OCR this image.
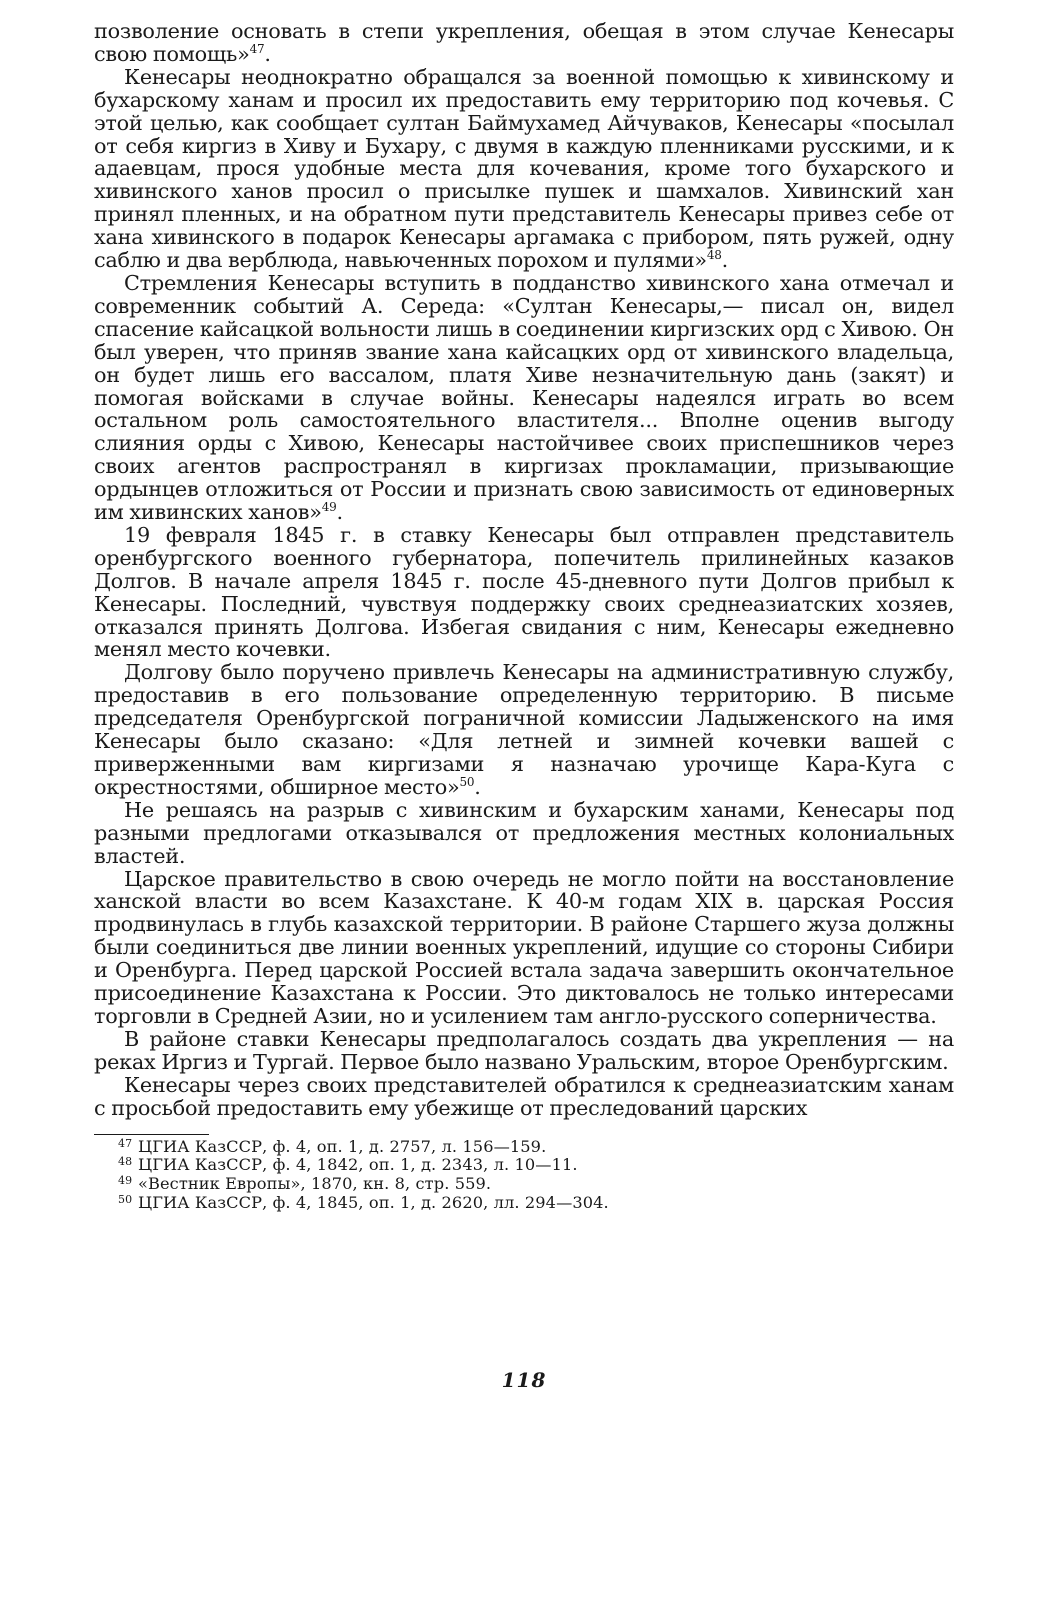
позволение основать в степи укрепления, обещая в этом случае Кенесары свою помощь»$^{47}$.

Кенесары неоднократно обращался за военной помощью к хивинскому и бухарскому ханам и просил их предоставить ему территорию под кочевья. С этой целью, как сообщает султан Баймухамед Айчуваков, Кенесары «посылал от себя киргиз в Хиву и Бухару, с двумя в каждую пленниками русскими, и к адаевцам, прося удобные места для кочевания, кроме того бухарского и хивинского ханов просил о присылке пушек и шамхалов. Хивинский хан принял пленных, и на обратном пути представитель Кенесары привез себе от хана хивинского в подарок Кенесары аргамака с прибором, пять ружей, одну саблю и два верблюда, навьюченных порохом и пулями»$^{48}$.

Стремления Кенесары вступить в подданство хивинского хана отмечал и современник событий А. Середа: «Султан Кенесары,— писал он, видел спасение кайсацкой вольности лишь в соединении киргизских орд с Хивою. Он был уверен, что приняв звание хана кайсацких орд от хивинского владельца, он будет лишь его вассалом, платя Хиве незначительную дань (закят) и помогая войсками в случае войны. Кенесары надеялся играть во всем остальном роль самостоятельного властителя... Вполне оценив выгоду слияния орды с Хивою, Кенесары настойчивее своих приспешников через своих агентов распространял в киргизах прокламации, призывающие ордынцев отложиться от России и признать свою зависимость от единоверных им хивинских ханов»$^{49}$.

19 февраля 1845 г. в ставку Кенесары был отправлен представитель оренбургского военного губернатора, попечитель прилинейных казаков Долгов. В начале апреля 1845 г. после 45-дневного пути Долгов прибыл к Кенесары. Последний, чувствуя поддержку своих среднеазиатских хозяев, отказался принять Долгова. Избегая свидания с ним, Кенесары ежедневно менял место кочевки.

Долгову было поручено привлечь Кенесары на административную службу, предоставив в его пользование определенную территорию. В письме председателя Оренбургской пограничной комиссии Ладыженского на имя Кенесары было сказано: «Для летней и зимней кочевки вашей с приверженными вам киргизами я назначаю урочище Кара-Куга с окрестностями, обширное место»$^{50}$.

Не решаясь на разрыв с хивинским и бухарским ханами, Кенесары под разными предлогами отказывался от предложения местных колониальных властей.

Царское правительство в свою очередь не могло пойти на восстановление ханской власти во всем Казахстане. К 40-м годам XIX в. царская Россия продвинулась в глубь казахской территории. В районе Старшего жуза должны были соединиться две линии военных укреплений, идущие со стороны Сибири и Оренбурга. Перед царской Россией встала задача завершить окончательное присоединение Казахстана к России. Это диктовалось не только интересами торговли в Средней Азии, но и усилением там англо-русского соперничества.

В районе ставки Кенесары предполагалось создать два укрепления — на реках Иргиз и Тургай. Первое было названо Уральским, второе Оренбургским.

Кенесары через своих представителей обратился к среднеазиатским ханам с просьбой предоставить ему убежище от преследований царских

47 ЦГИА КазССР, ф. 4, оп. 1, д. 2757, л. 156—159.

48 ЦГИА КазССР, ф. 4, 1842, оп. 1, д. 2343, л. 10—11.

49 «Вестник Европы», 1870, кн. 8, стр. 559.

50 ЦГИА КазССР, ф. 4, 1845, оп. 1, д. 2620, лл. 294—304.

118
